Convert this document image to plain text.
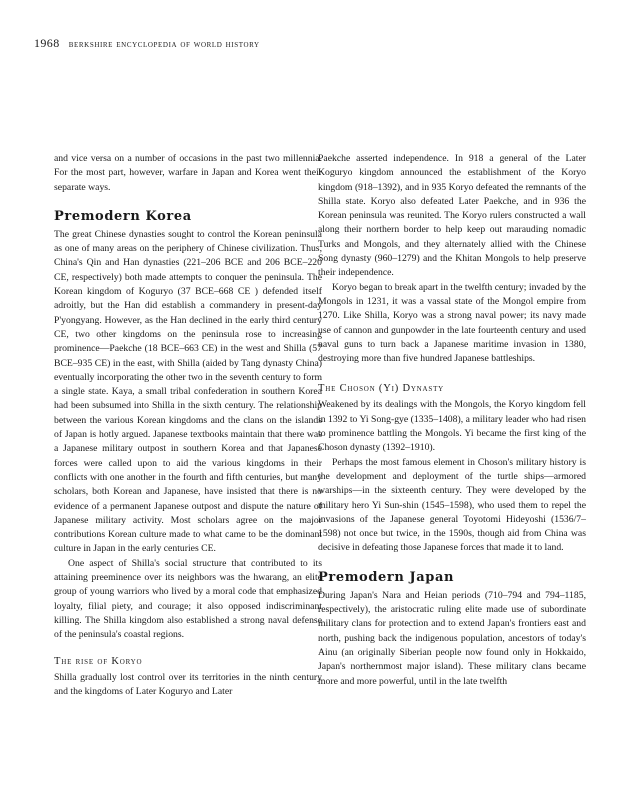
1968 berkshire encyclopedia of world history

and vice versa on a number of occasions in the past two millennia. For the most part, however, warfare in Japan and Korea went their separate ways.

Premodern Korea

The great Chinese dynasties sought to control the Korean peninsula as one of many areas on the periphery of Chinese civilization. Thus, China's Qin and Han dynasties (221–206 BCE and 206 BCE–220 CE, respectively) both made attempts to conquer the peninsula. The Korean kingdom of Koguryo (37 BCE–668 CE ) defended itself adroitly, but the Han did establish a commandery in present-day P'yongyang. However, as the Han declined in the early third century CE, two other kingdoms on the peninsula rose to increasing prominence—Paekche (18 BCE–663 CE) in the west and Shilla (57 BCE–935 CE) in the east, with Shilla (aided by Tang dynasty China) eventually incorporating the other two in the seventh century to form a single state. Kaya, a small tribal confederation in southern Korea had been subsumed into Shilla in the sixth century. The relationship between the various Korean kingdoms and the clans on the islands of Japan is hotly argued. Japanese textbooks maintain that there was a Japanese military outpost in southern Korea and that Japanese forces were called upon to aid the various kingdoms in their conflicts with one another in the fourth and fifth centuries, but many scholars, both Korean and Japanese, have insisted that there is no evidence of a permanent Japanese outpost and dispute the nature of Japanese military activity. Most scholars agree on the major contributions Korean culture made to what came to be the dominant culture in Japan in the early centuries CE.

One aspect of Shilla's social structure that contributed to its attaining preeminence over its neighbors was the hwarang, an elite group of young warriors who lived by a moral code that emphasized loyalty, filial piety, and courage; it also opposed indiscriminant killing. The Shilla kingdom also established a strong naval defense of the peninsula's coastal regions.

The rise of Koryo

Shilla gradually lost control over its territories in the ninth century and the kingdoms of Later Koguryo and Later

Paekche asserted independence. In 918 a general of the Later Koguryo kingdom announced the establishment of the Koryo kingdom (918–1392), and in 935 Koryo defeated the remnants of the Shilla state. Koryo also defeated Later Paekche, and in 936 the Korean peninsula was reunited. The Koryo rulers constructed a wall along their northern border to help keep out marauding nomadic Turks and Mongols, and they alternately allied with the Chinese Song dynasty (960–1279) and the Khitan Mongols to help preserve their independence.

Koryo began to break apart in the twelfth century; invaded by the Mongols in 1231, it was a vassal state of the Mongol empire from 1270. Like Shilla, Koryo was a strong naval power; its navy made use of cannon and gunpowder in the late fourteenth century and used naval guns to turn back a Japanese maritime invasion in 1380, destroying more than five hundred Japanese battleships.

The Choson (Yi) Dynasty

Weakened by its dealings with the Mongols, the Koryo kingdom fell in 1392 to Yi Song-gye (1335–1408), a military leader who had risen to prominence battling the Mongols. Yi became the first king of the Choson dynasty (1392–1910).

Perhaps the most famous element in Choson's military history is the development and deployment of the turtle ships—armored warships—in the sixteenth century. They were developed by the military hero Yi Sun-shin (1545–1598), who used them to repel the invasions of the Japanese general Toyotomi Hideyoshi (1536/7–1598) not once but twice, in the 1590s, though aid from China was decisive in defeating those Japanese forces that made it to land.

Premodern Japan

During Japan's Nara and Heian periods (710–794 and 794–1185, respectively), the aristocratic ruling elite made use of subordinate military clans for protection and to extend Japan's frontiers east and north, pushing back the indigenous population, ancestors of today's Ainu (an originally Siberian people now found only in Hokkaido, Japan's northernmost major island). These military clans became more and more powerful, until in the late twelfth
